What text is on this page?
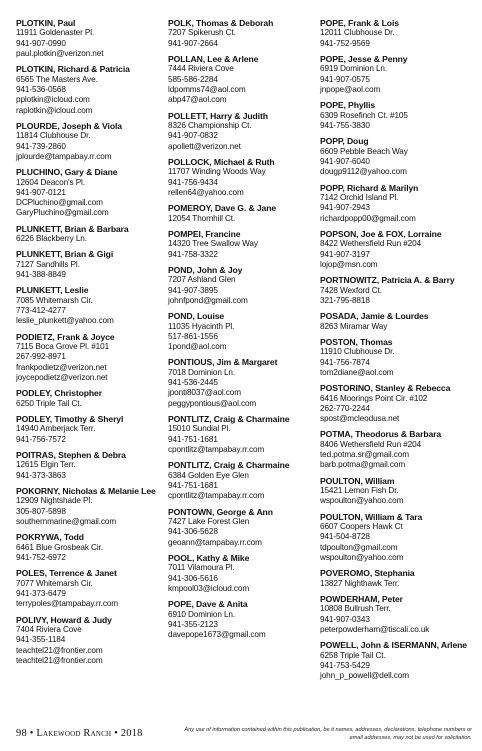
PLOTKIN, Paul
11911 Goldenaster Pl.
941-907-0990
paul.plotkin@verizon.net
PLOTKIN, Richard & Patricia
6565 The Masters Ave.
941-536-0568
pplotkin@icloud.com
raplotkin@icloud.com
PLOURDE, Joseph & Viola
11814 Clubhouse Dr.
941-739-2860
jplourde@tampabay.rr.com
PLUCHINO, Gary & Diane
12604 Deacon's Pl.
941-907-0121
DCPluchino@gmail.com
GaryPluchino@gmail.com
PLUNKETT, Brian & Barbara
6226 Blackberry Ln.
PLUNKETT, Brian & Gigi
7127 Sandhills Pl.
941-388-8849
PLUNKETT, Leslie
7085 Whitemarsh Cir.
773-412-4277
leslie_plunkett@yahoo.com
PODIETZ, Frank & Joyce
7115 Boca Grove Pl. #101
267-992-8971
frankpodietz@verizon.net
joycepodietz@verizon.net
PODLEY, Christopher
6250 Triple Tail Ct.
PODLEY, Timothy & Sheryl
14940 Amberjack Terr.
941-756-7572
POITRAS, Stephen & Debra
12615 Elgin Terr.
941-373-3863
POKORNY, Nicholas & Melanie Lee
12909 Nightshade Pl.
305-807-5898
southernmarine@gmail.com
POKRYWA, Todd
6461 Blue Grosbeak Cir.
941-752-6972
POLES, Terrence & Janet
7077 Whitemarsh Cir.
941-373-6479
terrypoles@tampabay.rr.com
POLIVY, Howard & Judy
7404 Riviera Cove
941-355-1184
teachtel21@frontier.com
teachtel21@frontier.com
POLK, Thomas & Deborah
7207 Spikerush Ct.
941-907-2664
POLLAN, Lee & Arlene
7444 Riviera Cove
585-586-2284
ldpomms74@aol.com
abp47@aol.com
POLLETT, Harry & Judith
8326 Championship Ct.
941-907-0832
apollett@verizon.net
POLLOCK, Michael & Ruth
11707 Winding Woods Way
941-756-9434
rellen64@yahoo.com
POMEROY, Dave G. & Jane
12054 Thornhill Ct.
POMPEI, Francine
14320 Tree Swallow Way
941-758-3322
POND, John & Joy
7207 Ashland Glen
941-907-3895
johnfpond@gmail.com
POND, Louise
11035 Hyacinth Pl.
517-861-1556
1pond@aol.com
PONTIOUS, Jim & Margaret
7018 Dominion Ln.
941-536-2445
jponti8037@aol.com
peggypontious@aol.com
PONTLITZ, Craig & Charmaine
15010 Sundial Pl.
941-751-1681
cpontlitz@tampabay.rr.com
PONTLITZ, Craig & Charmaine
6384 Golden Eye Glen
941-751-1681
cpontlitz@tampabay.rr.com
PONTOWN, George & Ann
7427 Lake Forest Glen
941-306-5628
geoann@tampabay.rr.com
POOL, Kathy & Mike
7011 Vilamoura Pl.
941-306-5616
kmpool03@icloud.com
POPE, Dave & Anita
6910 Dominion Ln.
941-355-2123
davepope1673@gmail.com
POPE, Frank & Lois
12011 Clubhouse Dr.
941-752-9569
POPE, Jesse & Penny
6919 Dominion Ln.
941-907-0575
jnpope@aol.com
POPE, Phyllis
6309 Rosefinch Ct. #105
941-755-3830
POPP, Doug
6609 Pebble Beach Way
941-907-6040
dougp9112@yahoo.com
POPP, Richard & Marilyn
7142 Orchid Island Pl.
941-907-2943
richardpopp00@gmail.com
POPSON, Joe & FOX, Lorraine
8422 Wethersfield Run #204
941-907-3197
lojop@msn.com
PORTNOWITZ, Patricia A. & Barry
7428 Wexford Ct.
321-795-8818
POSADA, Jamie & Lourdes
8263 Miramar Way
POSTON, Thomas
11910 Clubhouse Dr.
941-756-7874
tom2diane@aol.com
POSTORINO, Stanley & Rebecca
6416 Moorings Point Cir. #102
262-770-2244
spost@mcleodusa.net
POTMA, Theodorus & Barbara
8406 Wethersfield Run #204
ted.potma.sr@gmail.com
barb.potma@gmail.com
POULTON, William
15421 Lemon Fish Dr.
wspoulton@yahoo.com
POULTON, William & Tara
6607 Coopers Hawk Ct
941-504-8728
tdpoulton@gmail.com
wspoulton@yahoo.com
POVEROMO, Stephania
13827 Nighthawk Terr.
POWDERHAM, Peter
10808 Bullrush Terr.
941-907-0343
peterpowderham@tiscali.co.uk
POWELL, John & ISERMANN, Arlene
6258 Triple Tail Ct.
941-753-5429
john_p_powell@dell.com
98 • Lakewood Ranch • 2018	Any use of information contained within this publication, be it names, addresses, declarations, telephone numbers or email addresses, may not be used for solicitation.
